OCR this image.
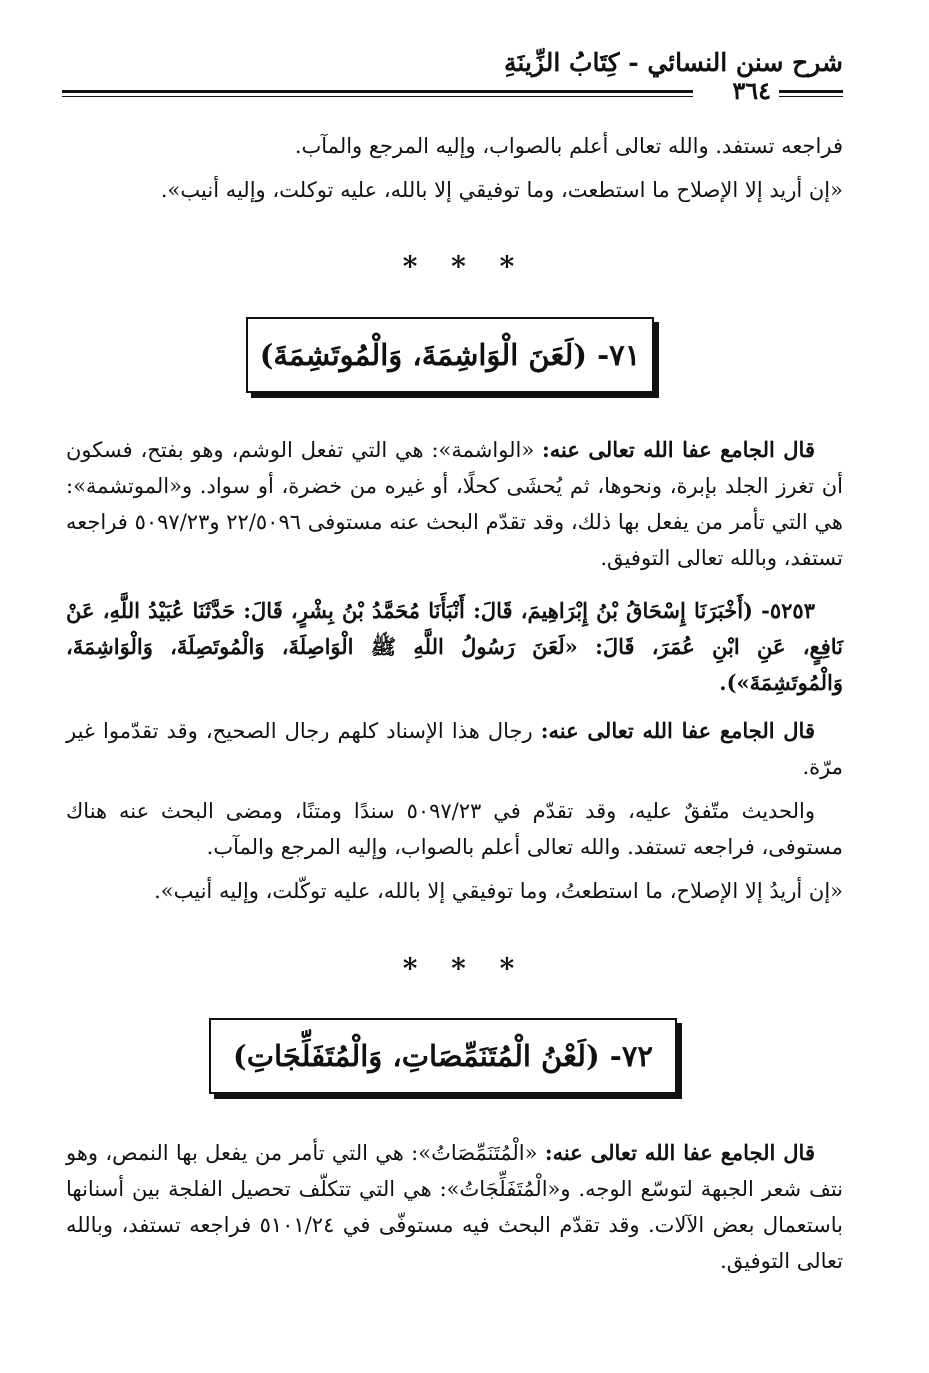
شرح سنن النسائي - كِتَابُ الزِّينَةِ
٣٦٤

فراجعه تستفد. والله تعالى أعلم بالصواب، وإليه المرجع والمآب.

«إن أريد إلا الإصلاح ما استطعت، وما توفيقي إلا بالله، عليه توكلت، وإليه أنيب».

* * *
٧١- (لَعَنَ الْوَاشِمَةَ، وَالْمُوتَشِمَةَ)

قال الجامع عفا الله تعالى عنه: «الواشمة»: هي التي تفعل الوشم، وهو بفتح، فسكون أن تغرز الجلد بإبرة، ونحوها، ثم يُحشَى كحلًا، أو غيره من خضرة، أو سواد. و«الموتشمة»: هي التي تأمر من يفعل بها ذلك، وقد تقدّم البحث عنه مستوفى ٢٢/٥٠٩٦ و٥٠٩٧/٢٣ فراجعه تستفد، وبالله تعالى التوفيق.

٥٢٥٣- (أَخْبَرَنَا إِسْحَاقُ بْنُ إِبْرَاهِيمَ، قَالَ: أَنْبَأَنَا مُحَمَّدُ بْنُ بِشْرٍ، قَالَ: حَدَّثَنَا عُبَيْدُ اللَّهِ، عَنْ نَافِعٍ، عَنِ ابْنِ عُمَرَ، قَالَ: «لَعَنَ رَسُولُ اللَّهِ ﷺ الْوَاصِلَةَ، وَالْمُوتَصِلَةَ، وَالْوَاشِمَةَ، وَالْمُوتَشِمَةَ»).

قال الجامع عفا الله تعالى عنه: رجال هذا الإسناد كلهم رجال الصحيح، وقد تقدّموا غير مرّة.

والحديث متّفقٌ عليه، وقد تقدّم في ٥٠٩٧/٢٣ سندًا ومتنًا، ومضى البحث عنه هناك مستوفى، فراجعه تستفد. والله تعالى أعلم بالصواب، وإليه المرجع والمآب.

«إن أريدُ إلا الإصلاح، ما استطعتُ، وما توفيقي إلا بالله، عليه توكّلت، وإليه أنيب».

* * *
٧٢- (لَعْنُ الْمُتَنَمِّصَاتِ، وَالْمُتَفَلِّجَاتِ)

قال الجامع عفا الله تعالى عنه: «الْمُتَنَمِّصَاتُ»: هي التي تأمر من يفعل بها النمص، وهو نتف شعر الجبهة لتوسّع الوجه. و«الْمُتَفَلِّجَاتُ»: هي التي تتكلّف تحصيل الفلجة بين أسنانها باستعمال بعض الآلات. وقد تقدّم البحث فيه مستوفّى في ٥١٠١/٢٤ فراجعه تستفد، وبالله تعالى التوفيق.
